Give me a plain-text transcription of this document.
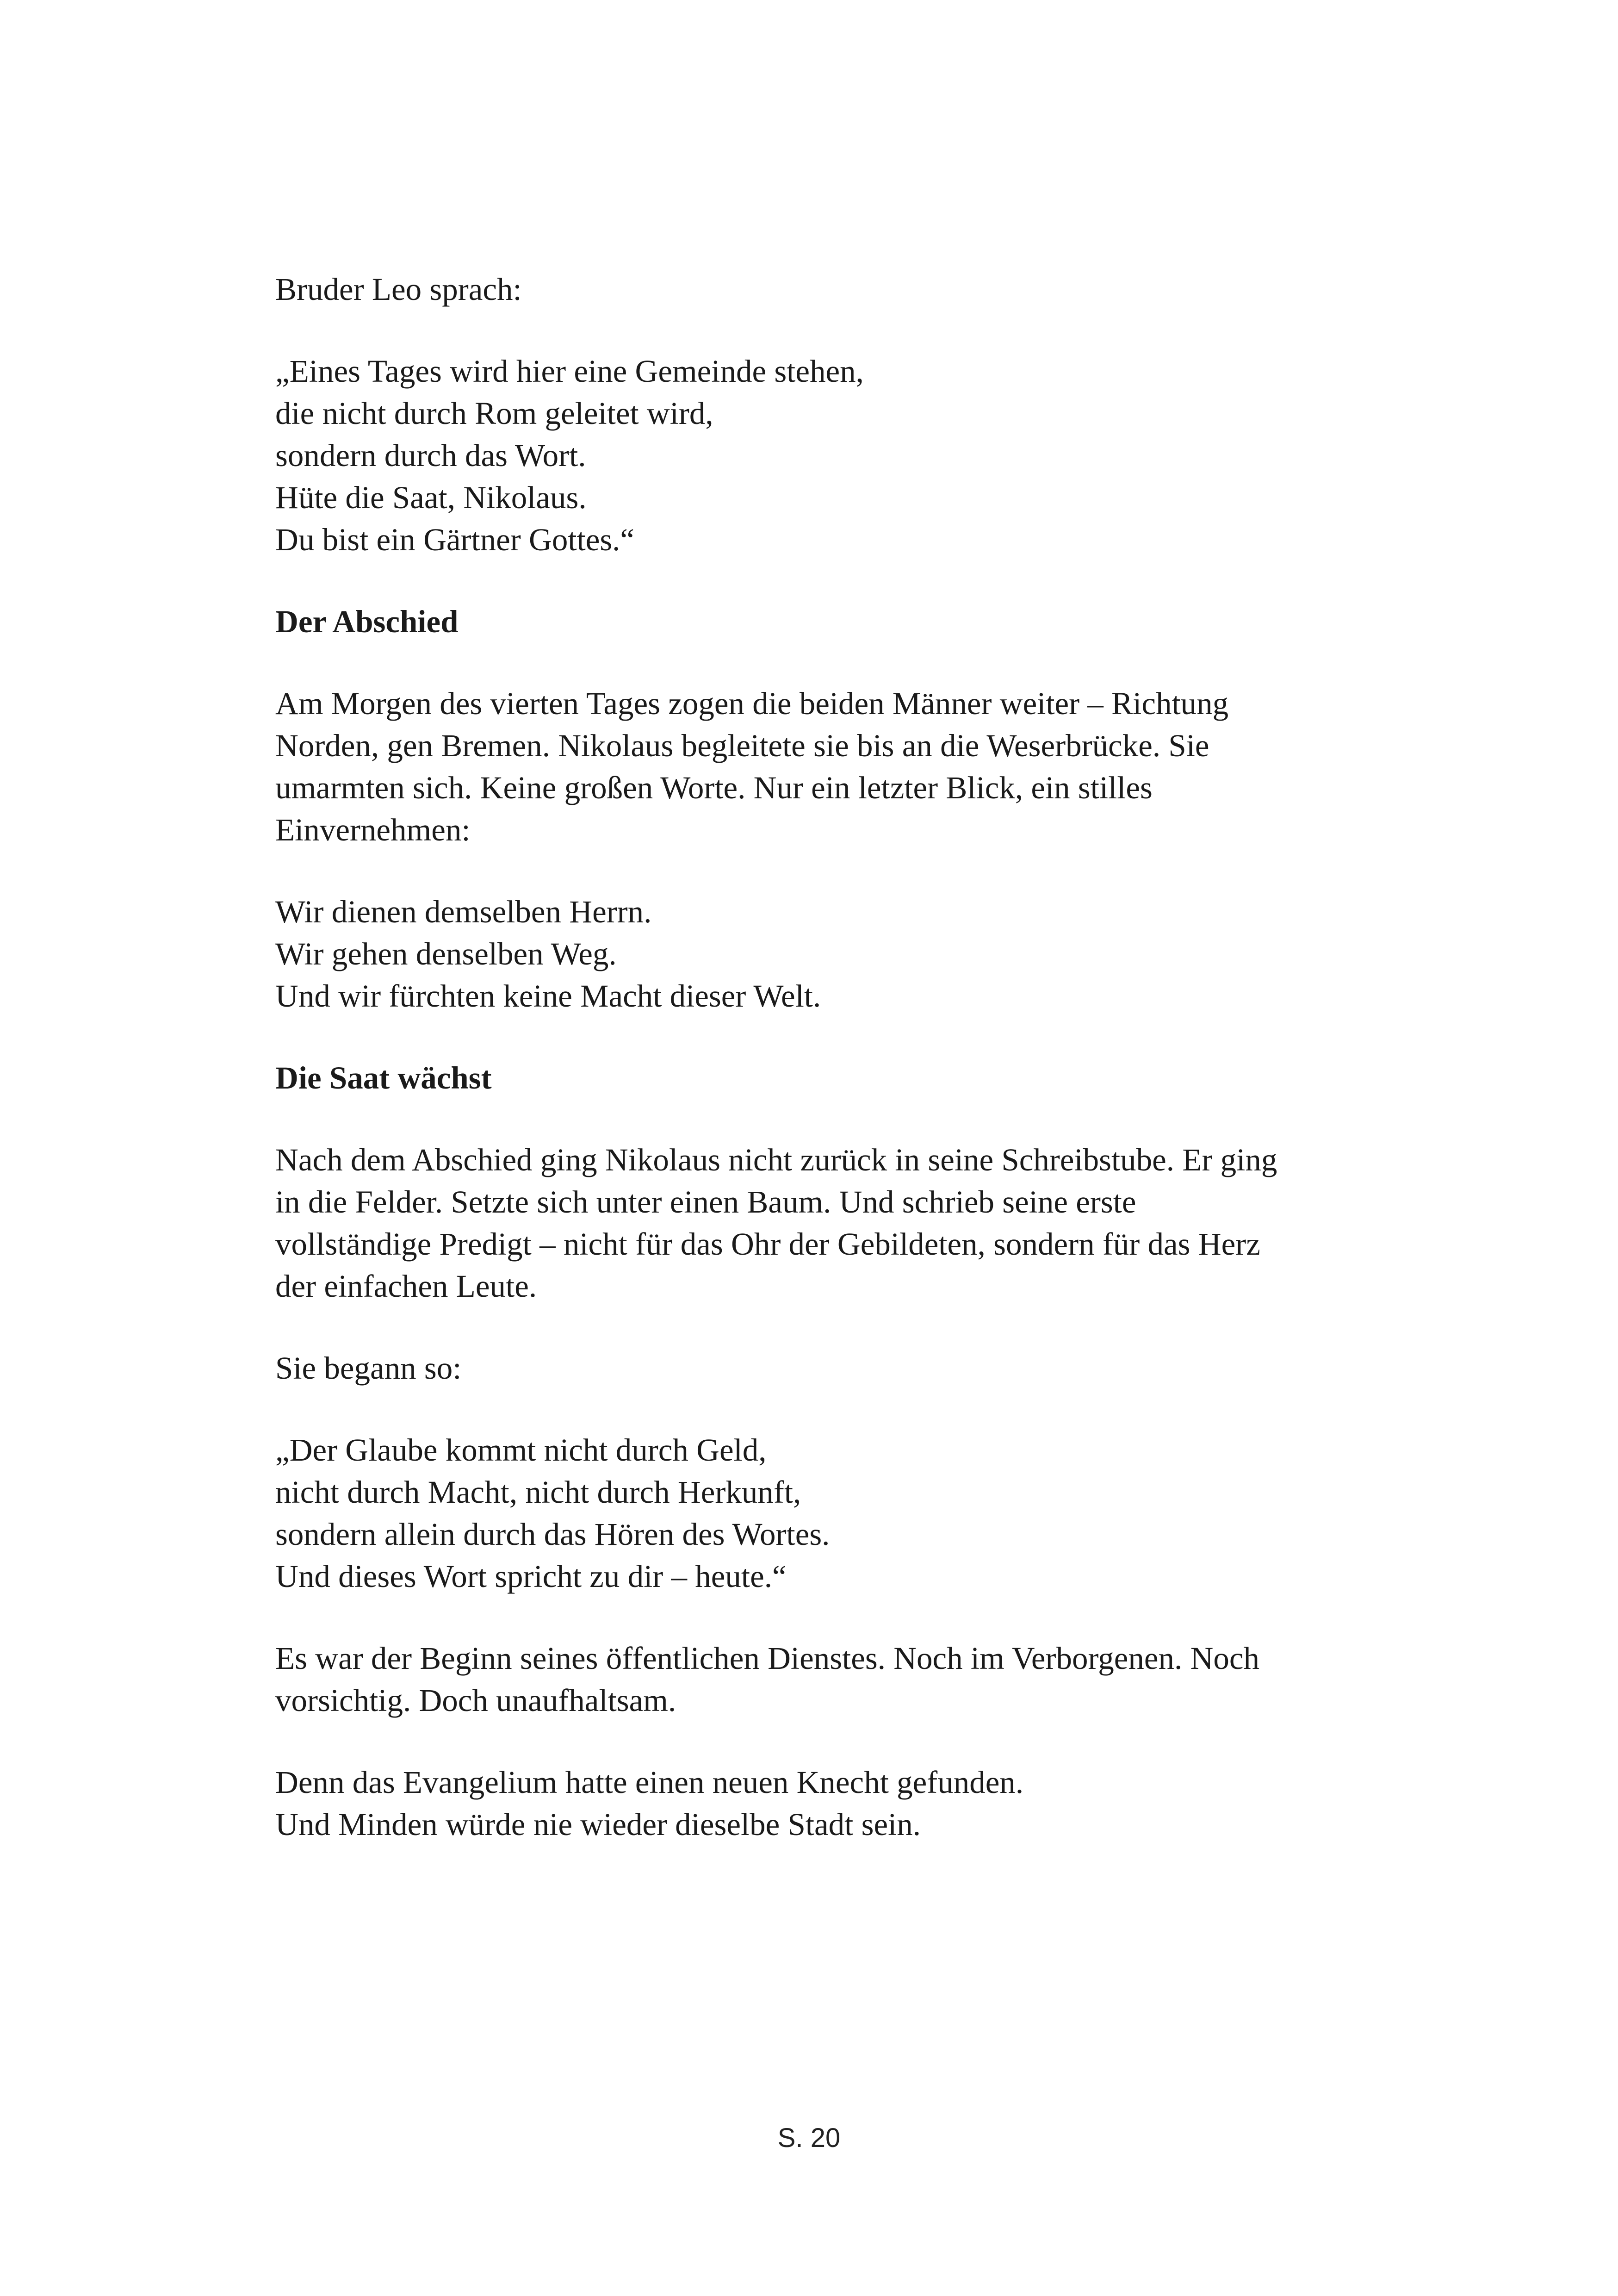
Bruder Leo sprach:

„Eines Tages wird hier eine Gemeinde stehen,
die nicht durch Rom geleitet wird,
sondern durch das Wort.
Hüte die Saat, Nikolaus.
Du bist ein Gärtner Gottes.“

Der Abschied

Am Morgen des vierten Tages zogen die beiden Männer weiter – Richtung
Norden, gen Bremen. Nikolaus begleitete sie bis an die Weserbrücke. Sie
umarmten sich. Keine großen Worte. Nur ein letzter Blick, ein stilles
Einvernehmen:

Wir dienen demselben Herrn.
Wir gehen denselben Weg.
Und wir fürchten keine Macht dieser Welt.

Die Saat wächst

Nach dem Abschied ging Nikolaus nicht zurück in seine Schreibstube. Er ging
in die Felder. Setzte sich unter einen Baum. Und schrieb seine erste
vollständige Predigt – nicht für das Ohr der Gebildeten, sondern für das Herz
der einfachen Leute.

Sie begann so:

„Der Glaube kommt nicht durch Geld,
nicht durch Macht, nicht durch Herkunft,
sondern allein durch das Hören des Wortes.
Und dieses Wort spricht zu dir – heute.“

Es war der Beginn seines öffentlichen Dienstes. Noch im Verborgenen. Noch
vorsichtig. Doch unaufhaltsam.

Denn das Evangelium hatte einen neuen Knecht gefunden.
Und Minden würde nie wieder dieselbe Stadt sein.

S. 20
